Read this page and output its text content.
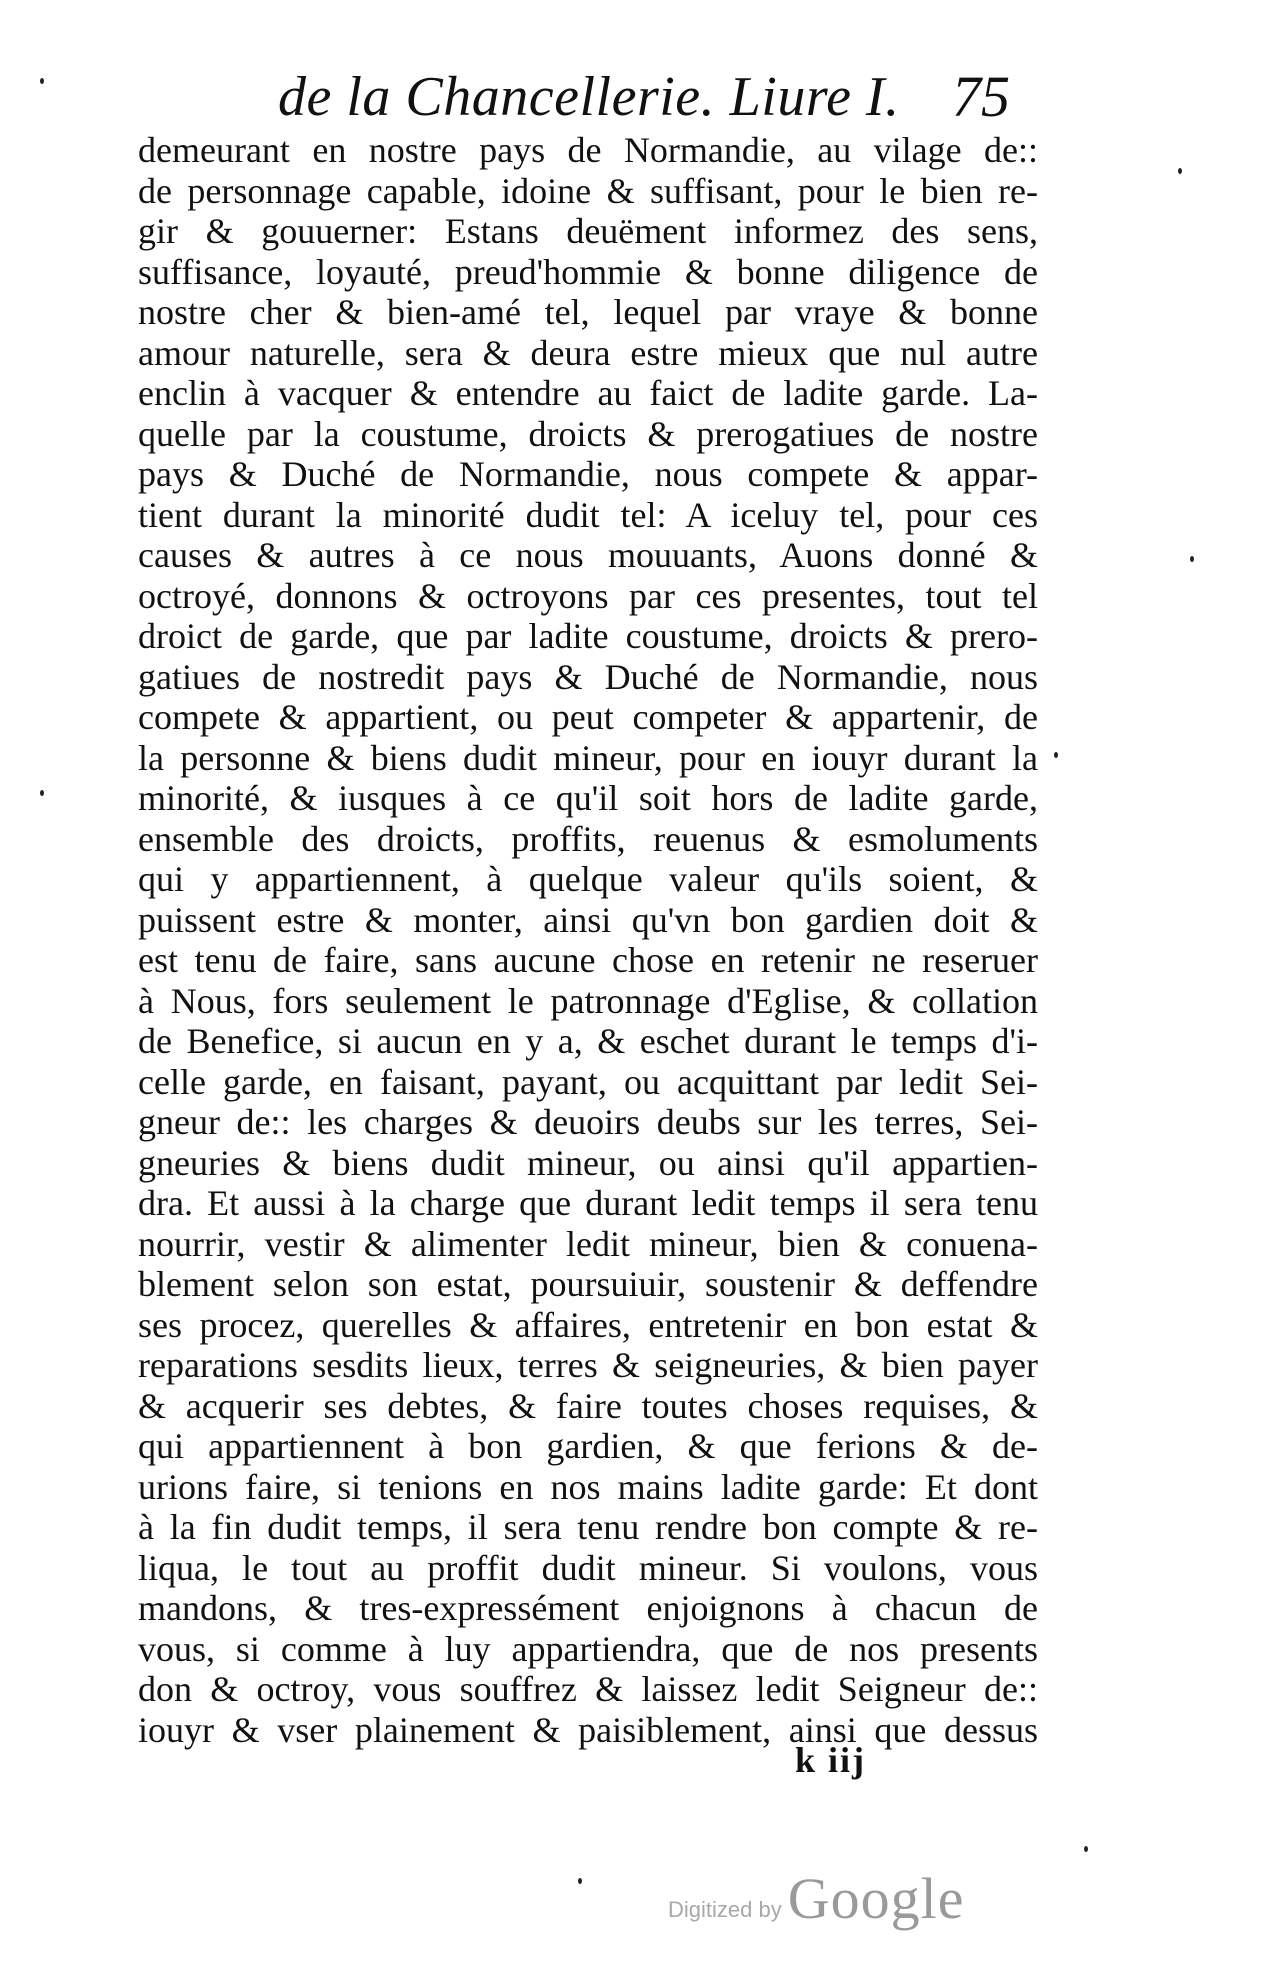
de la Chancellerie. Liure I. 75
demeurant en nostre pays de Normandie, au vilage de::
de personnage capable, idoine & suffisant, pour le bien re-
gir & gouuerner: Estans deuëment informez des sens,
suffisance, loyauté, preud'hommie & bonne diligence de
nostre cher & bien-amé tel, lequel par vraye & bonne
amour naturelle, sera & deura estre mieux que nul autre
enclin à vacquer & entendre au faict de ladite garde. La-
quelle par la coustume, droicts & prerogatiues de nostre
pays & Duché de Normandie, nous compete & appar-
tient durant la minorité dudit tel: A iceluy tel, pour ces
causes & autres à ce nous mouuants, Auons donné &
octroyé, donnons & octroyons par ces presentes, tout tel
droict de garde, que par ladite coustume, droicts & prero-
gatiues de nostredit pays & Duché de Normandie, nous
compete & appartient, ou peut competer & appartenir, de
la personne & biens dudit mineur, pour en iouyr durant la
minorité, & iusques à ce qu'il soit hors de ladite garde,
ensemble des droicts, proffits, reuenus & esmoluments
qui y appartiennent, à quelque valeur qu'ils soient, &
puissent estre & monter, ainsi qu'vn bon gardien doit &
est tenu de faire, sans aucune chose en retenir ne reseruer
à Nous, fors seulement le patronnage d'Eglise, & collation
de Benefice, si aucun en y a, & eschet durant le temps d'i-
celle garde, en faisant, payant, ou acquittant par ledit Sei-
gneur de:: les charges & deuoirs deubs sur les terres, Sei-
gneuries & biens dudit mineur, ou ainsi qu'il appartien-
dra. Et aussi à la charge que durant ledit temps il sera tenu
nourrir, vestir & alimenter ledit mineur, bien & conuena-
blement selon son estat, poursuiuir, soustenir & deffendre
ses procez, querelles & affaires, entretenir en bon estat &
reparations sesdits lieux, terres & seigneuries, & bien payer
& acquerir ses debtes, & faire toutes choses requises, &
qui appartiennent à bon gardien, & que ferions & de-
urions faire, si tenions en nos mains ladite garde: Et dont
à la fin dudit temps, il sera tenu rendre bon compte & re-
liqua, le tout au proffit dudit mineur. Si voulons, vous
mandons, & tres-expressément enjoignons à chacun de
vous, si comme à luy appartiendra, que de nos presents
don & octroy, vous souffrez & laissez ledit Seigneur de::
iouyr & vser plainement & paisiblement, ainsi que dessus
k iij
Digitized by Google
